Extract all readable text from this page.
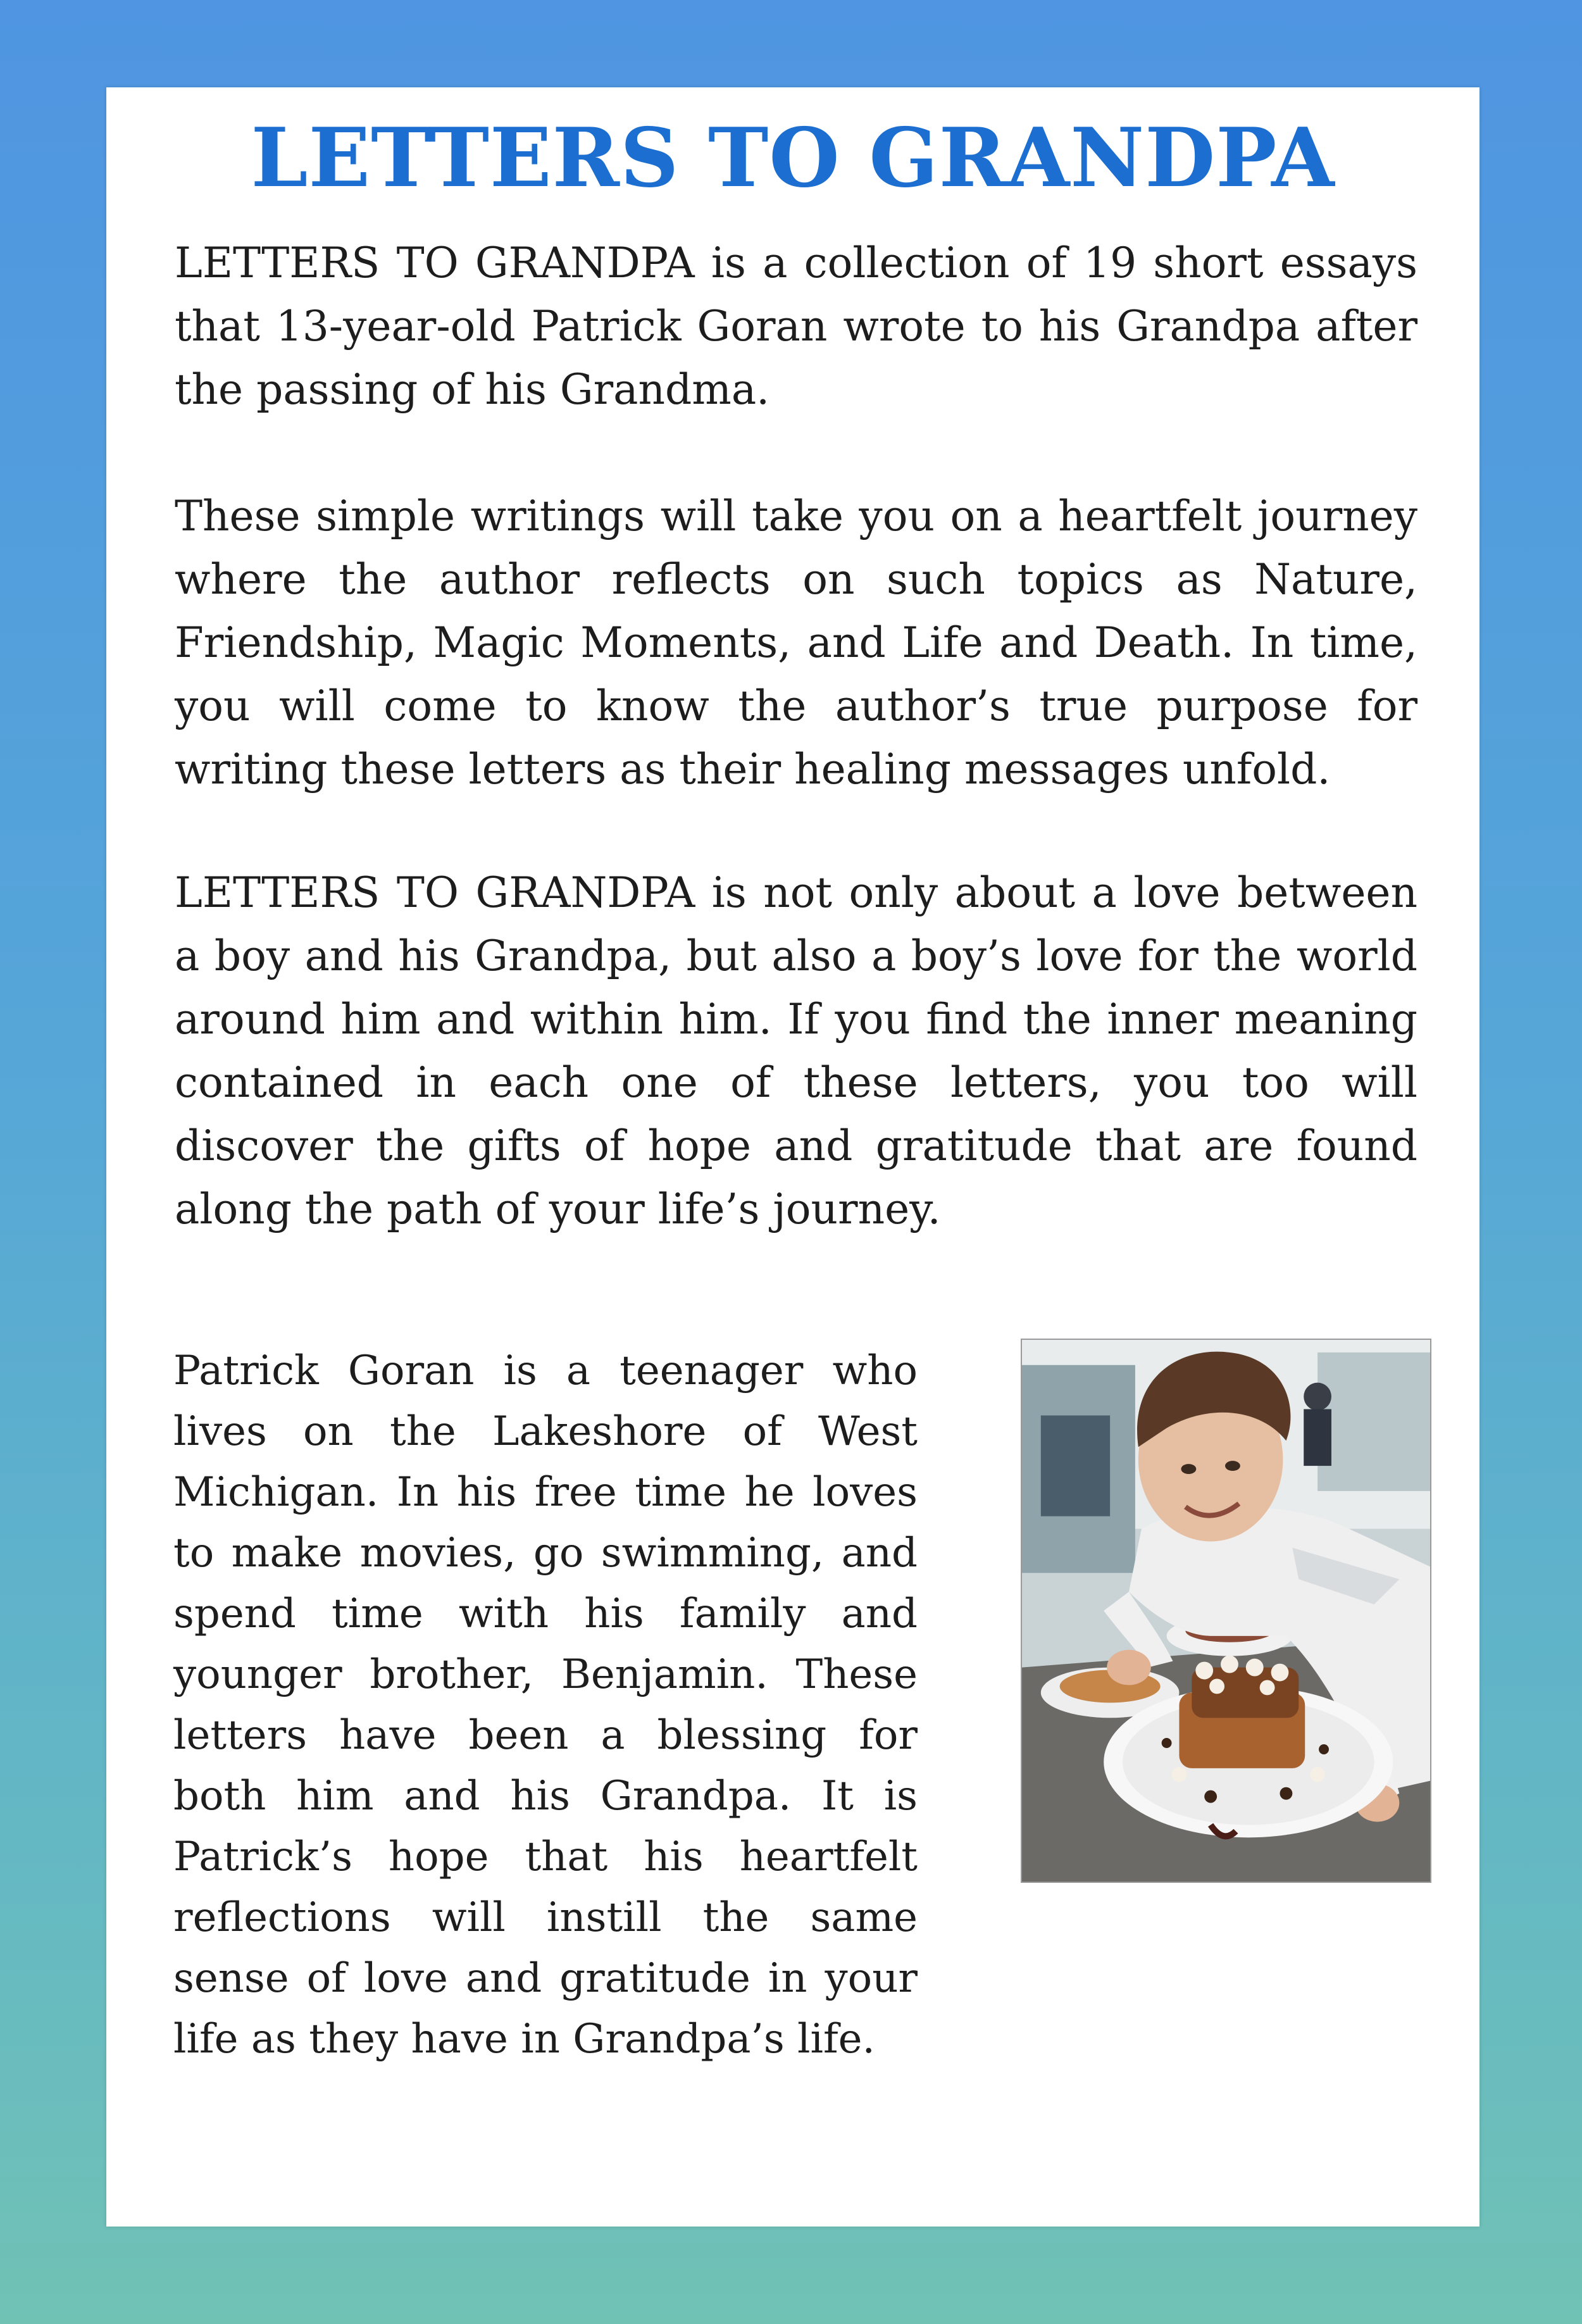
LETTERS TO GRANDPA

LETTERS TO GRANDPA is a collection of 19 short essays that 13-year-old Patrick Goran wrote to his Grandpa after the passing of his Grandma.

These simple writings will take you on a heartfelt journey where the author reflects on such topics as Nature, Friendship, Magic Moments, and Life and Death. In time, you will come to know the author’s true purpose for writing these letters as their healing messages unfold.

LETTERS TO GRANDPA is not only about a love between a boy and his Grandpa, but also a boy’s love for the world around him and within him. If you find the inner meaning contained in each one of these letters, you too will discover the gifts of hope and gratitude that are found along the path of your life’s journey.

Patrick Goran is a teenager who lives on the Lakeshore of West Michigan. In his free time he loves to make movies, go swimming, and spend time with his family and younger brother, Benjamin. These letters have been a blessing for both him and his Grandpa. It is Patrick’s hope that his heartfelt reflections will instill the same sense of love and gratitude in your life as they have in Grandpa’s life.
